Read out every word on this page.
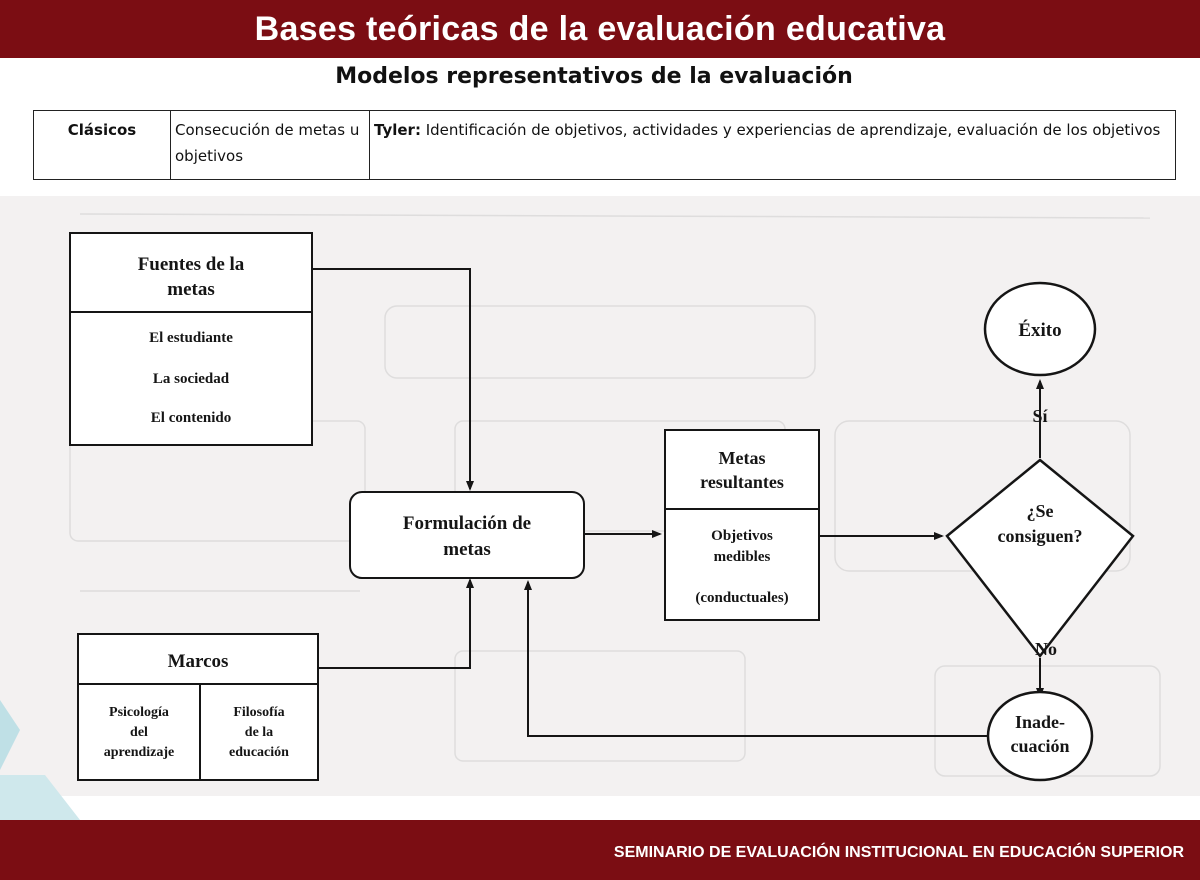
Bases teóricas de la evaluación educativa
Modelos representativos de la evaluación
Clásicos	Consecución de metas u objetivos	Tyler: Identificación de objetivos, actividades y experiencias de aprendizaje, evaluación de los objetivos
Fuentes de la
metas
El estudiante
La sociedad
El contenido
Marcos
Psicología
del
aprendizaje
Filosofía
de la
educación
Formulación de
metas
Metas
resultantes
Objetivos
medibles
(conductuales)
¿Se
consiguen?
Sí
No
Éxito
Inade-
cuación
SEMINARIO DE EVALUACIÓN INSTITUCIONAL EN EDUCACIÓN SUPERIOR
